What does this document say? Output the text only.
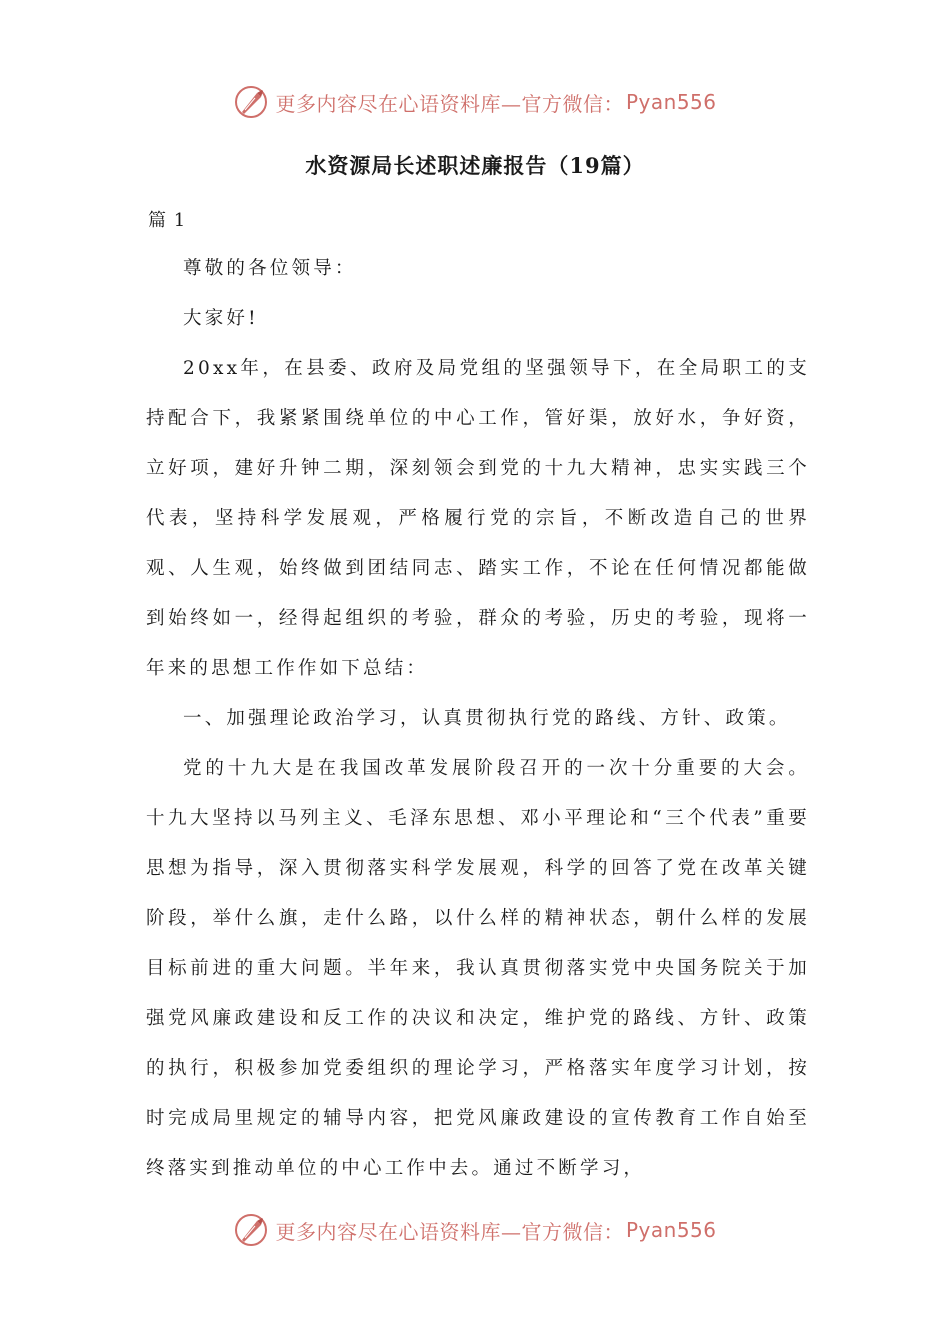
更多内容尽在心语资料库—官方微信： Pyan556
水资源局长述职述廉报告（19篇）
篇 1

尊敬的各位领导：

大家好!

20xx年，在县委、政府及局党组的坚强领导下，在全局职工的支持配合下，我紧紧围绕单位的中心工作，管好渠，放好水，争好资，立好项，建好升钟二期，深刻领会到党的十九大精神，忠实实践三个代表，坚持科学发展观，严格履行党的宗旨，不断改造自己的世界观、人生观，始终做到团结同志、踏实工作，不论在任何情况都能做到始终如一，经得起组织的考验，群众的考验，历史的考验，现将一年来的思想工作作如下总结：

一、加强理论政治学习，认真贯彻执行党的路线、方针、政策。

党的十九大是在我国改革发展阶段召开的一次十分重要的大会。十九大坚持以马列主义、毛泽东思想、邓小平理论和“三个代表”重要思想为指导，深入贯彻落实科学发展观，科学的回答了党在改革关键阶段，举什么旗，走什么路，以什么样的精神状态，朝什么样的发展目标前进的重大问题。半年来，我认真贯彻落实党中央国务院关于加强党风廉政建设和反工作的决议和决定，维护党的路线、方针、政策的执行，积极参加党委组织的理论学习，严格落实年度学习计划，按时完成局里规定的辅导内容，把党风廉政建设的宣传教育工作自始至终落实到推动单位的中心工作中去。通过不断学习，

更多内容尽在心语资料库—官方微信： Pyan556
